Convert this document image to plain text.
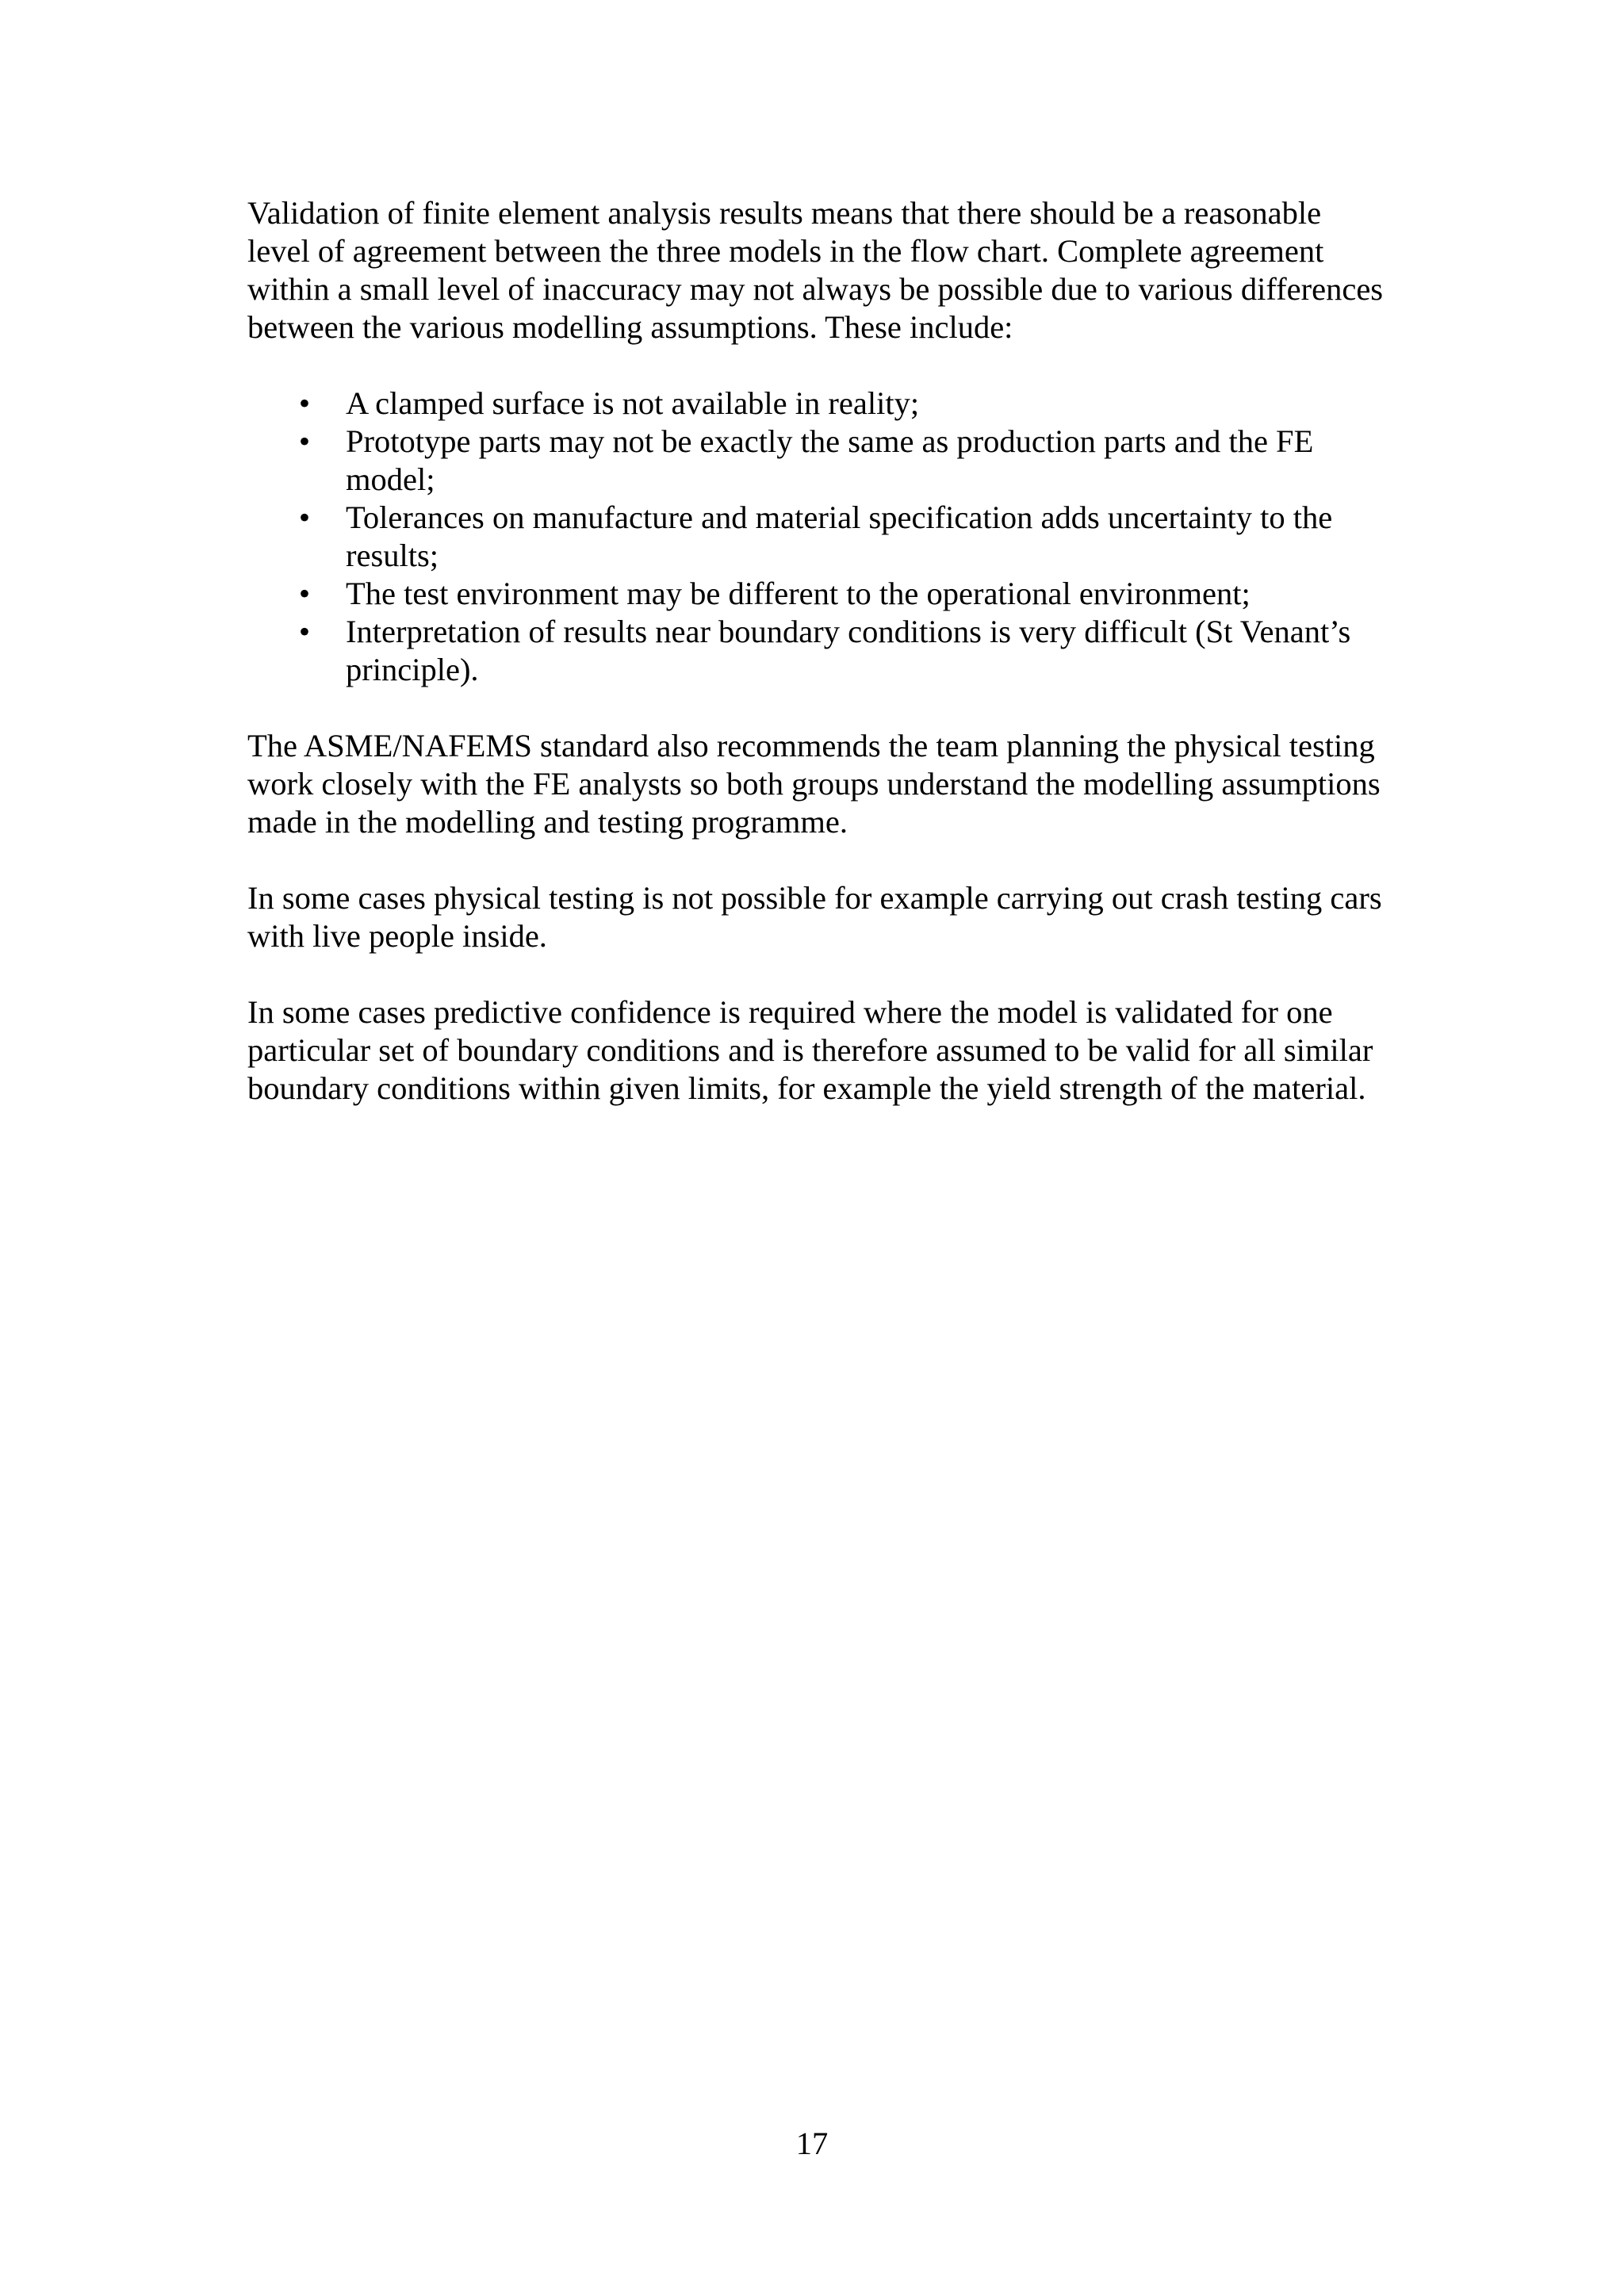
Validation of finite element analysis results means that there should be a reasonable level of agreement between the three models in the flow chart. Complete agreement within a small level of inaccuracy may not always be possible due to various differences between the various modelling assumptions. These include:

• A clamped surface is not available in reality;
• Prototype parts may not be exactly the same as production parts and the FE model;
• Tolerances on manufacture and material specification adds uncertainty to the results;
• The test environment may be different to the operational environment;
• Interpretation of results near boundary conditions is very difficult (St Venant’s principle).

The ASME/NAFEMS standard also recommends the team planning the physical testing work closely with the FE analysts so both groups understand the modelling assumptions made in the modelling and testing programme.

In some cases physical testing is not possible for example carrying out crash testing cars with live people inside.

In some cases predictive confidence is required where the model is validated for one particular set of boundary conditions and is therefore assumed to be valid for all similar boundary conditions within given limits, for example the yield strength of the material.

17
